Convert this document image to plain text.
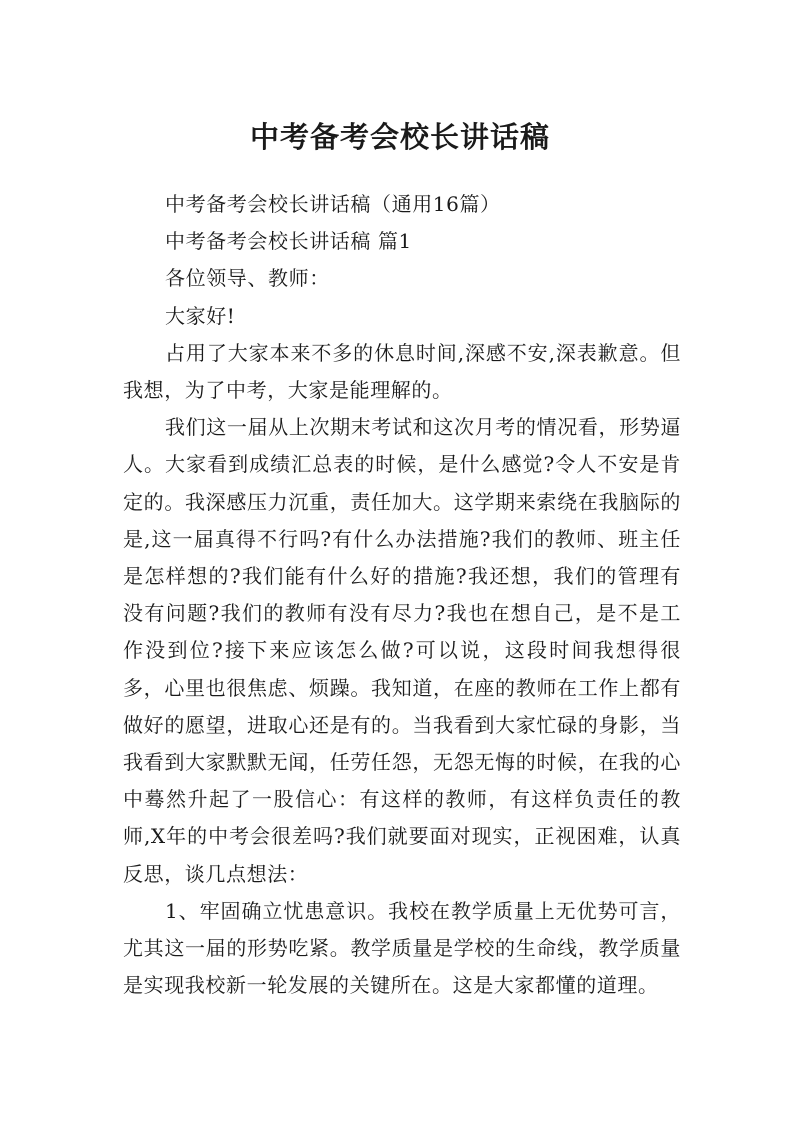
中考备考会校长讲话稿

中考备考会校长讲话稿（通用16篇）

中考备考会校长讲话稿 篇1

各位领导、教师：

大家好!

占用了大家本来不多的休息时间,深感不安,深表歉意。但我想，为了中考，大家是能理解的。

我们这一届从上次期末考试和这次月考的情况看，形势逼人。大家看到成绩汇总表的时候，是什么感觉?令人不安是肯定的。我深感压力沉重，责任加大。这学期来索绕在我脑际的是,这一届真得不行吗?有什么办法措施?我们的教师、班主任是怎样想的?我们能有什么好的措施?我还想，我们的管理有没有问题?我们的教师有没有尽力?我也在想自己，是不是工作没到位?接下来应该怎么做?可以说，这段时间我想得很多，心里也很焦虑、烦躁。我知道，在座的教师在工作上都有做好的愿望，进取心还是有的。当我看到大家忙碌的身影，当我看到大家默默无闻，任劳任怨，无怨无悔的时候，在我的心中蓦然升起了一股信心：有这样的教师，有这样负责任的教师,X年的中考会很差吗?我们就要面对现实，正视困难，认真反思，谈几点想法：

1、牢固确立忧患意识。我校在教学质量上无优势可言，尤其这一届的形势吃紧。教学质量是学校的生命线，教学质量是实现我校新一轮发展的关键所在。这是大家都懂的道理。
